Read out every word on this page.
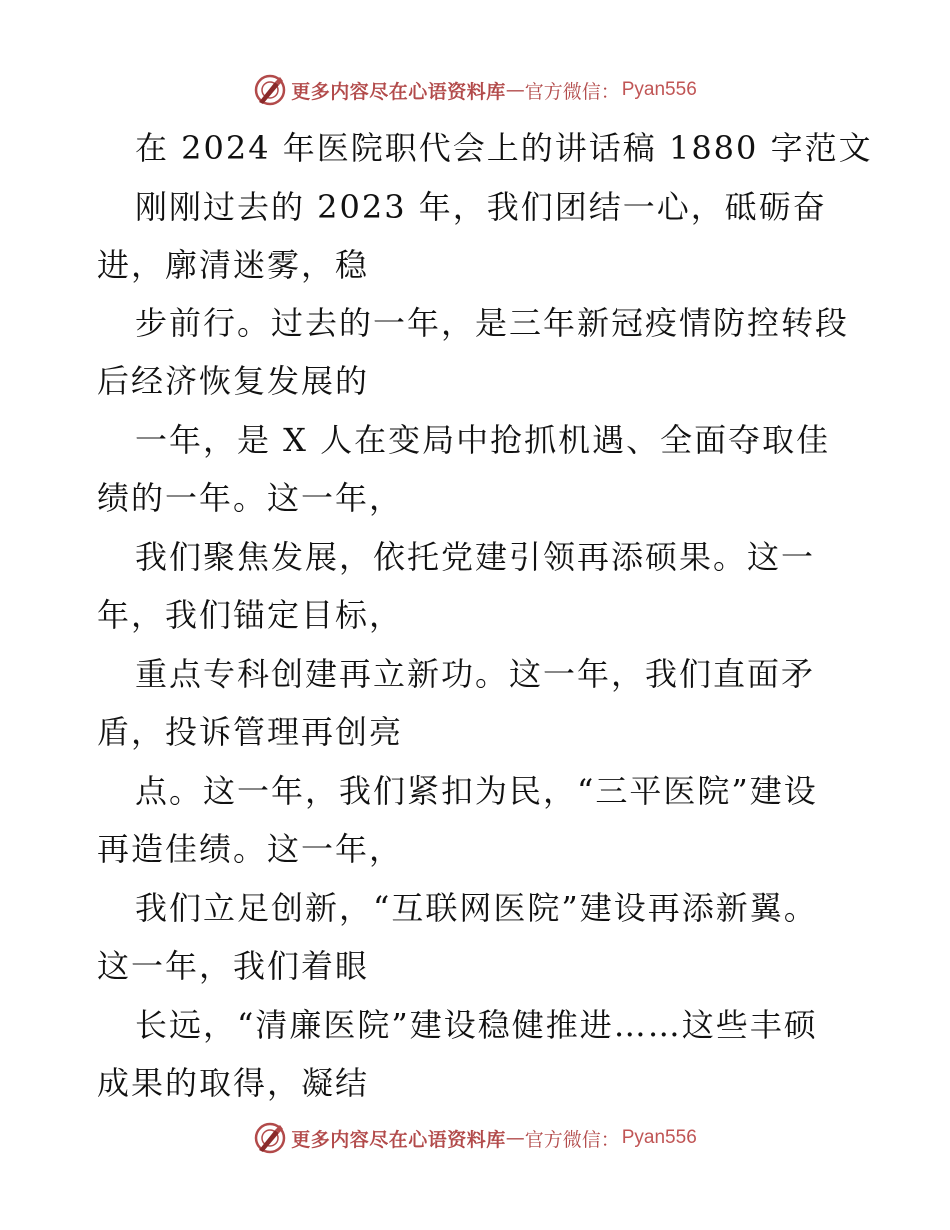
更多内容尽在心语资料库 — 官方微信： Pyan556
在 2024 年医院职代会上的讲话稿 1880 字范文
刚刚过去的 2023 年，我们团结一心，砥砺奋
进，廓清迷雾，稳
步前行。过去的一年，是三年新冠疫情防控转段
后经济恢复发展的
一年，是 X 人在变局中抢抓机遇、全面夺取佳
绩的一年。这一年，
我们聚焦发展，依托党建引领再添硕果。这一
年，我们锚定目标，
重点专科创建再立新功。这一年，我们直面矛
盾，投诉管理再创亮
点。这一年，我们紧扣为民，“三平医院”建设
再造佳绩。这一年，
我们立足创新，“互联网医院”建设再添新翼。
这一年，我们着眼
长远，“清廉医院”建设稳健推进……这些丰硕
成果的取得，凝结
更多内容尽在心语资料库 — 官方微信： Pyan556
